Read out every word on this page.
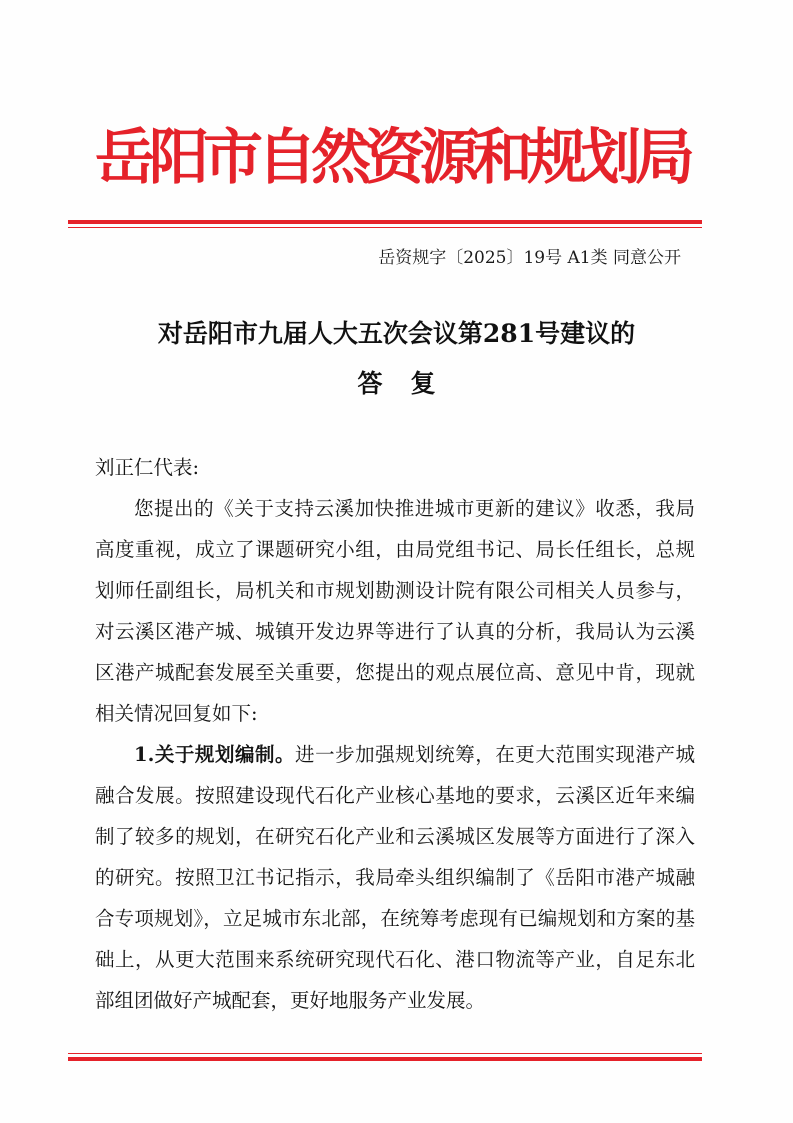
岳阳市自然资源和规划局
岳资规字〔2025〕19号 A1类 同意公开
对岳阳市九届人大五次会议第281号建议的
答复

刘正仁代表:

您提出的《关于支持云溪加快推进城市更新的建议》收悉，我局高度重视，成立了课题研究小组，由局党组书记、局长任组长，总规划师任副组长，局机关和市规划勘测设计院有限公司相关人员参与，对云溪区港产城、城镇开发边界等进行了认真的分析，我局认为云溪区港产城配套发展至关重要，您提出的观点展位高、意见中肯，现就相关情况回复如下:

1.关于规划编制。进一步加强规划统筹，在更大范围实现港产城融合发展。按照建设现代石化产业核心基地的要求，云溪区近年来编制了较多的规划，在研究石化产业和云溪城区发展等方面进行了深入的研究。按照卫江书记指示，我局牵头组织编制了《岳阳市港产城融合专项规划》，立足城市东北部，在统筹考虑现有已编规划和方案的基础上，从更大范围来系统研究现代石化、港口物流等产业，自足东北部组团做好产城配套，更好地服务产业发展。
